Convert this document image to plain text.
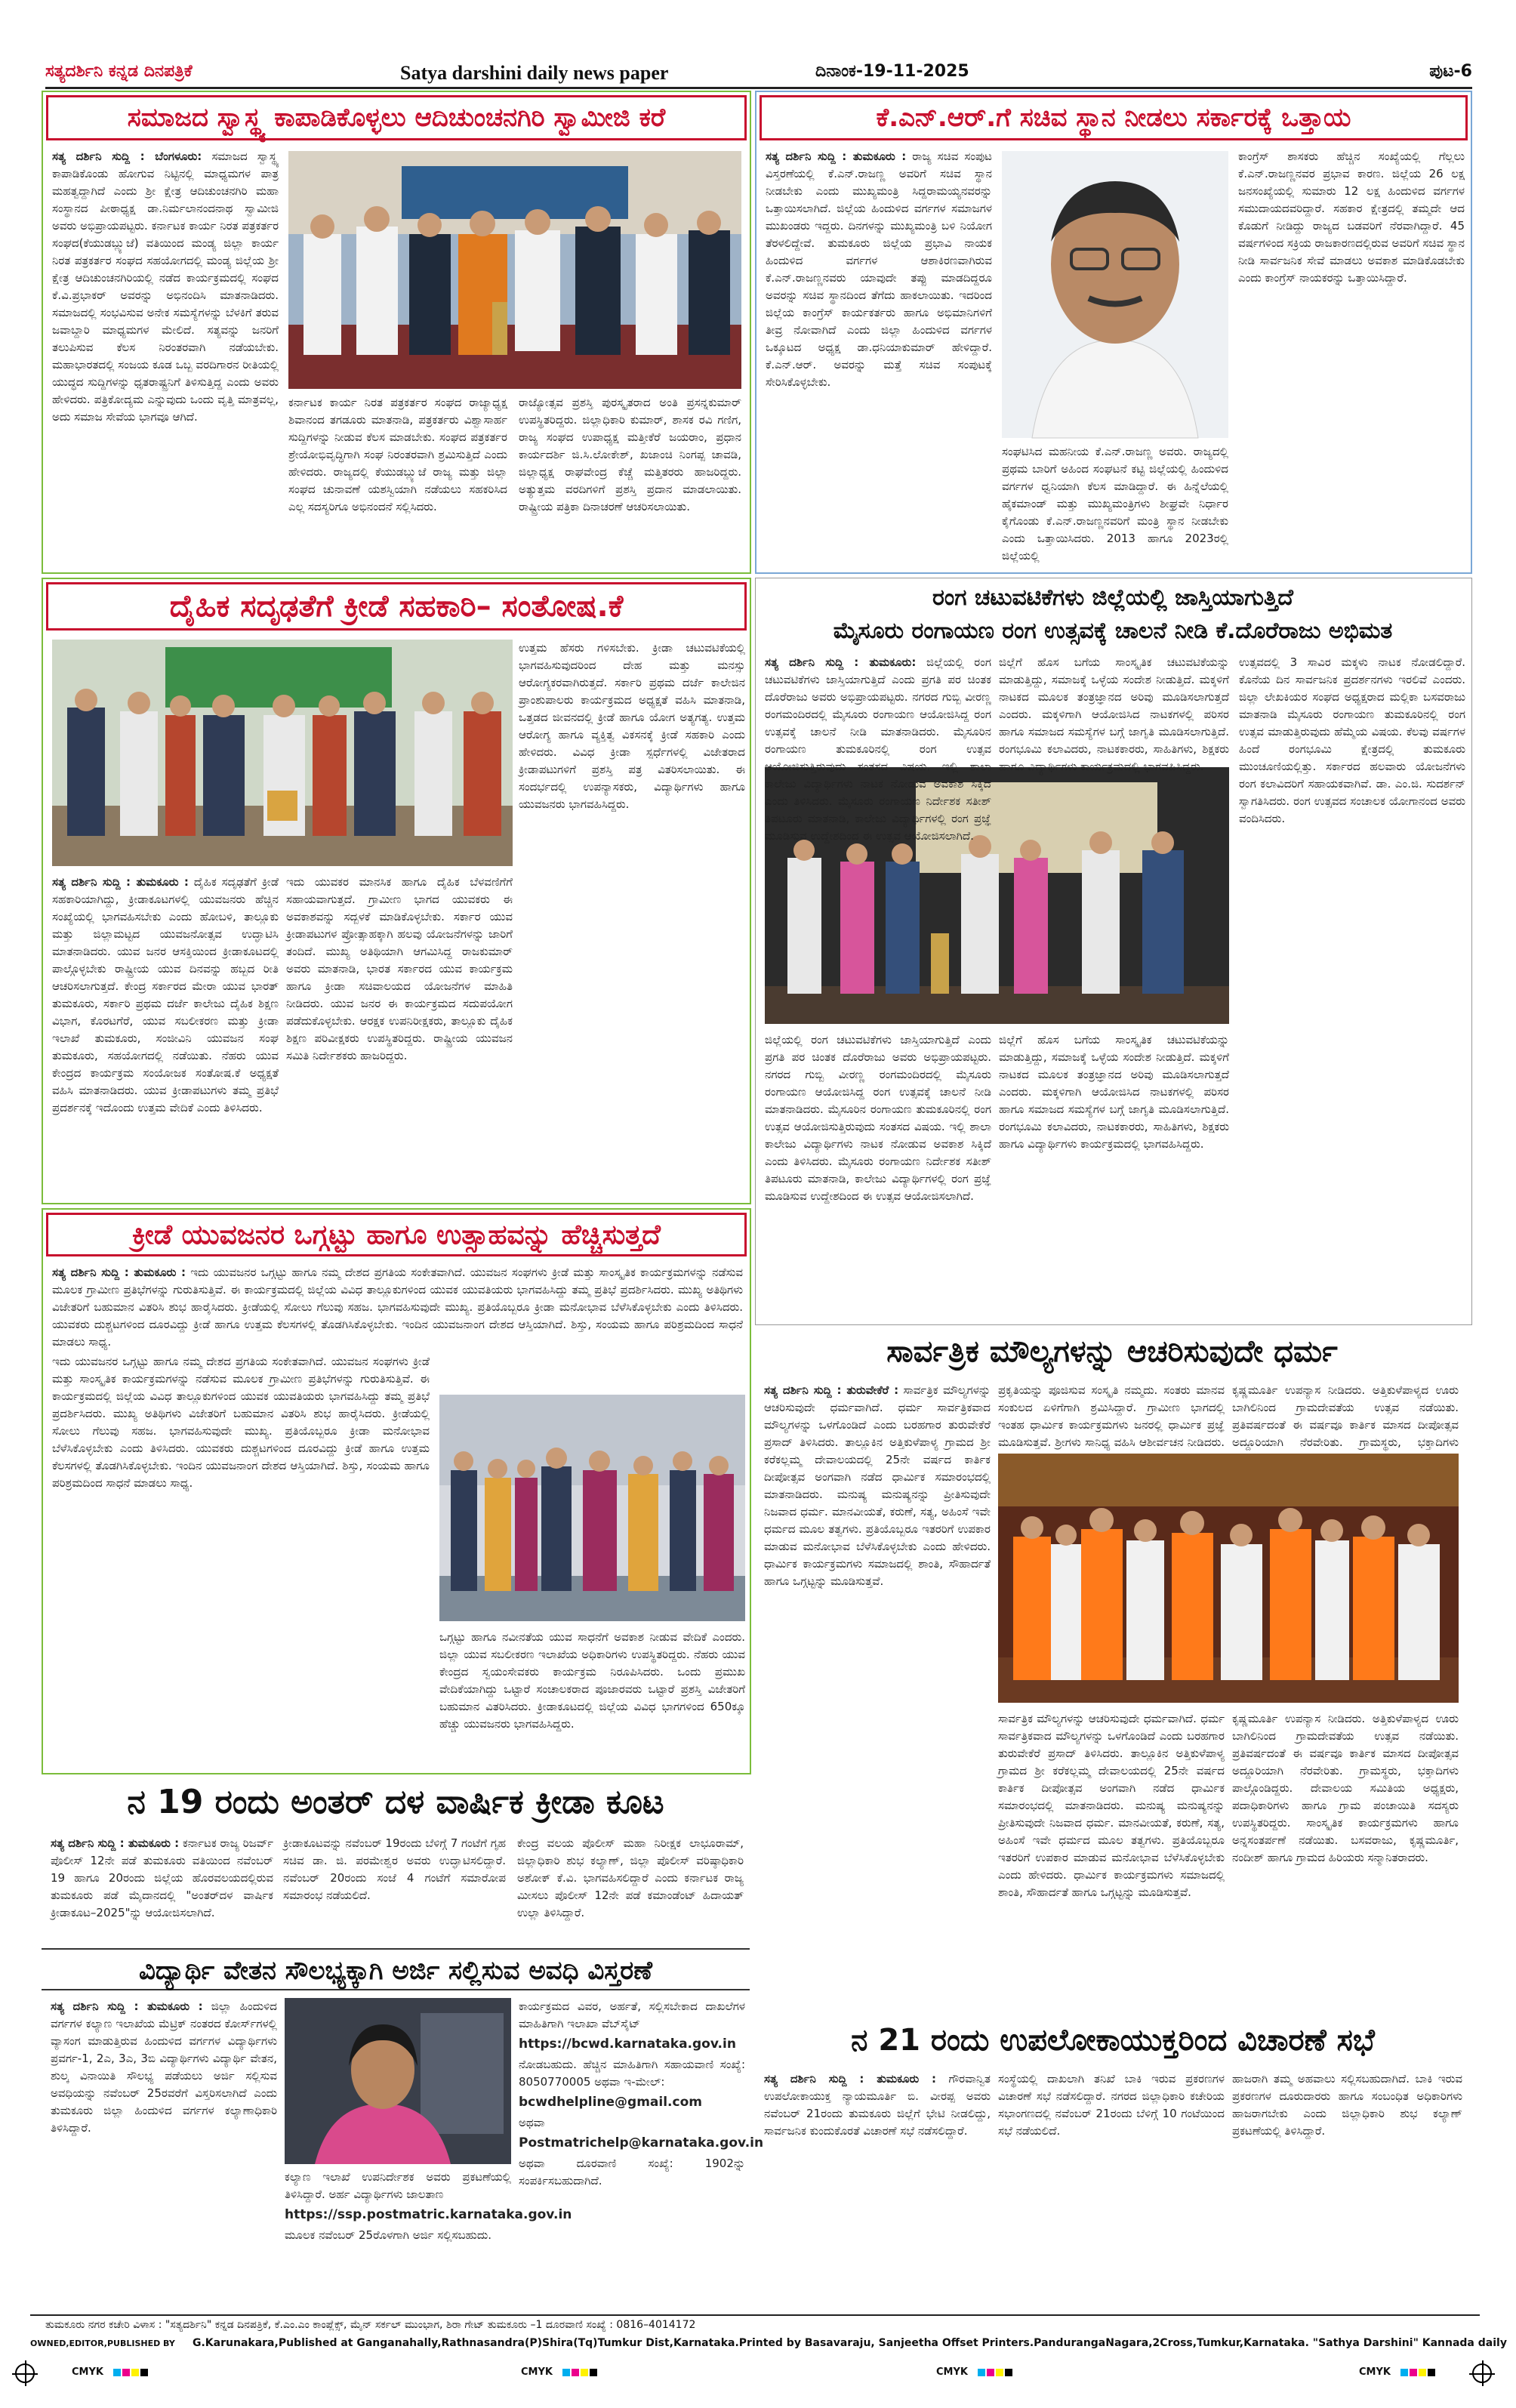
ಸತ್ಯದರ್ಶಿನಿ ಕನ್ನಡ ದಿನಪತ್ರಿಕೆ	Satya darshini daily news paper	ದಿನಾಂಕ-19-11-2025	ಪುಟ-6
ಸಮಾಜದ ಸ್ವಾಸ್ಥ್ಯ ಕಾಪಾಡಿಕೊಳ್ಳಲು ಆದಿಚುಂಚನಗಿರಿ ಸ್ವಾಮೀಜಿ ಕರೆ

ಸತ್ಯ ದರ್ಶಿನಿ ಸುದ್ದಿ : ಬೆಂಗಳೂರು: ಸಮಾಜದ ಸ್ವಾಸ್ಥ್ಯ ಕಾಪಾಡಿಕೊಂಡು ಹೋಗುವ ನಿಟ್ಟಿನಲ್ಲಿ ಮಾಧ್ಯಮಗಳ ಪಾತ್ರ ಮಹತ್ವದ್ದಾಗಿದೆ ಎಂದು ಶ್ರೀ ಕ್ಷೇತ್ರ ಆದಿಚುಂಚನಗಿರಿ ಮಹಾ ಸಂಸ್ಥಾನದ ಪೀಠಾಧ್ಯಕ್ಷ ಡಾ.ನಿರ್ಮಲಾನಂದನಾಥ ಸ್ವಾಮೀಜಿ ಅವರು ಅಭಿಪ್ರಾಯಪಟ್ಟರು. ಕರ್ನಾಟಕ ಕಾರ್ಯ ನಿರತ ಪತ್ರಕರ್ತರ ಸಂಘದ(ಕೆಯುಡಬ್ಲ್ಯುಜೆ) ವತಿಯಿಂದ ಮಂಡ್ಯ ಜಿಲ್ಲಾ ಕಾರ್ಯ ನಿರತ ಪತ್ರಕರ್ತರ ಸಂಘದ ಸಹಯೋಗದಲ್ಲಿ ಮಂಡ್ಯ ಜಿಲ್ಲೆಯ ಶ್ರೀ ಕ್ಷೇತ್ರ ಆದಿಚುಂಚನಗಿರಿಯಲ್ಲಿ ನಡೆದ ಕಾರ್ಯಕ್ರಮದಲ್ಲಿ ಸಂಘದ ಕೆ.ವಿ.ಪ್ರಭಾಕರ್ ಅವರನ್ನು ಅಭಿನಂದಿಸಿ ಮಾತನಾಡಿದರು. ಸಮಾಜದಲ್ಲಿ ಸಂಭವಿಸುವ ಅನೇಕ ಸಮಸ್ಯೆಗಳನ್ನು ಬೆಳಕಿಗೆ ತರುವ ಜವಾಬ್ದಾರಿ ಮಾಧ್ಯಮಗಳ ಮೇಲಿದೆ. ಸತ್ಯವನ್ನು ಜನರಿಗೆ ತಲುಪಿಸುವ ಕೆಲಸ ನಿರಂತರವಾಗಿ ನಡೆಯಬೇಕು. ಮಹಾಭಾರತದಲ್ಲಿ ಸಂಜಯ ಕೂಡ ಒಬ್ಬ ವರದಿಗಾರನ ರೀತಿಯಲ್ಲಿ ಯುದ್ಧದ ಸುದ್ದಿಗಳನ್ನು ಧೃತರಾಷ್ಟ್ರನಿಗೆ ತಿಳಿಸುತ್ತಿದ್ದ ಎಂದು ಅವರು ಹೇಳಿದರು. ಪತ್ರಿಕೋದ್ಯಮ ಎನ್ನುವುದು ಒಂದು ವೃತ್ತಿ ಮಾತ್ರವಲ್ಲ, ಅದು ಸಮಾಜ ಸೇವೆಯ ಭಾಗವೂ ಆಗಿದೆ.

ಕರ್ನಾಟಕ ಕಾರ್ಯ ನಿರತ ಪತ್ರಕರ್ತರ ಸಂಘದ ರಾಜ್ಯಾಧ್ಯಕ್ಷ ಶಿವಾನಂದ ತಗಡೂರು ಮಾತನಾಡಿ, ಪತ್ರಕರ್ತರು ವಿಶ್ವಾಸಾರ್ಹ ಸುದ್ದಿಗಳನ್ನು ನೀಡುವ ಕೆಲಸ ಮಾಡಬೇಕು. ಸಂಘದ ಪತ್ರಕರ್ತರ ಶ್ರೇಯೋಭಿವೃದ್ಧಿಗಾಗಿ ಸಂಘ ನಿರಂತರವಾಗಿ ಶ್ರಮಿಸುತ್ತಿದೆ ಎಂದು ಹೇಳಿದರು. ರಾಜ್ಯದಲ್ಲಿ ಕೆಯುಡಬ್ಲ್ಯುಜೆ ರಾಜ್ಯ ಮತ್ತು ಜಿಲ್ಲಾ ಸಂಘದ ಚುನಾವಣೆ ಯಶಸ್ವಿಯಾಗಿ ನಡೆಯಲು ಸಹಕರಿಸಿದ ಎಲ್ಲ ಸದಸ್ಯರಿಗೂ ಅಭಿನಂದನೆ ಸಲ್ಲಿಸಿದರು.

ರಾಜ್ಯೋತ್ಸವ ಪ್ರಶಸ್ತಿ ಪುರಸ್ಕೃತರಾದ ಅಂತಿ ಪ್ರಸನ್ನಕುಮಾರ್ ಉಪಸ್ಥಿತರಿದ್ದರು. ಜಿಲ್ಲಾಧಿಕಾರಿ ಕುಮಾರ್, ಶಾಸಕ ರವಿ ಗಣಿಗ, ರಾಜ್ಯ ಸಂಘದ ಉಪಾಧ್ಯಕ್ಷ ಮತ್ತೀಕೆರೆ ಜಯರಾಂ, ಪ್ರಧಾನ ಕಾರ್ಯದರ್ಶಿ ಜಿ.ಸಿ.ಲೋಕೇಶ್, ಖಜಾಂಚಿ ನಿಂಗಪ್ಪ ಚಾವಡಿ, ಜಿಲ್ಲಾಧ್ಯಕ್ಷ ರಾಘವೇಂದ್ರ ಕೆಚ್ಚೆ ಮತ್ತಿತರರು ಹಾಜರಿದ್ದರು. ಅತ್ಯುತ್ತಮ ವರದಿಗಳಿಗೆ ಪ್ರಶಸ್ತಿ ಪ್ರದಾನ ಮಾಡಲಾಯಿತು. ರಾಷ್ಟ್ರೀಯ ಪತ್ರಿಕಾ ದಿನಾಚರಣೆ ಆಚರಿಸಲಾಯಿತು.

ಕೆ.ಎನ್.ಆರ್.ಗೆ ಸಚಿವ ಸ್ಥಾನ ನೀಡಲು ಸರ್ಕಾರಕ್ಕೆ ಒತ್ತಾಯ

ಸತ್ಯ ದರ್ಶಿನಿ ಸುದ್ದಿ : ತುಮಕೂರು : ರಾಜ್ಯ ಸಚಿವ ಸಂಪುಟ ವಿಸ್ತರಣೆಯಲ್ಲಿ ಕೆ.ಎನ್.ರಾಜಣ್ಣ ಅವರಿಗೆ ಸಚಿವ ಸ್ಥಾನ ನೀಡಬೇಕು ಎಂದು ಮುಖ್ಯಮಂತ್ರಿ ಸಿದ್ದರಾಮಯ್ಯನವರನ್ನು ಒತ್ತಾಯಿಸಲಾಗಿದೆ. ಜಿಲ್ಲೆಯ ಹಿಂದುಳಿದ ವರ್ಗಗಳ ಸಮಾಜಗಳ ಮುಖಂಡರು ಇದ್ದರು. ದಿನಗಳನ್ನು ಮುಖ್ಯಮಂತ್ರಿ ಬಳಿ ನಿಯೋಗ ತೆರಳಲಿದ್ದೇವೆ. ತುಮಕೂರು ಜಿಲ್ಲೆಯ ಪ್ರಭಾವಿ ನಾಯಕ ಹಿಂದುಳಿದ ವರ್ಗಗಳ ಆಶಾಕಿರಣವಾಗಿರುವ ಕೆ.ಎನ್.ರಾಜಣ್ಣನವರು ಯಾವುದೇ ತಪ್ಪು ಮಾಡದಿದ್ದರೂ ಅವರನ್ನು ಸಚಿವ ಸ್ಥಾನದಿಂದ ತೆಗೆದು ಹಾಕಲಾಯಿತು. ಇದರಿಂದ ಜಿಲ್ಲೆಯ ಕಾಂಗ್ರೆಸ್ ಕಾರ್ಯಕರ್ತರು ಹಾಗೂ ಅಭಿಮಾನಿಗಳಿಗೆ ತೀವ್ರ ನೋವಾಗಿದೆ ಎಂದು ಜಿಲ್ಲಾ ಹಿಂದುಳಿದ ವರ್ಗಗಳ ಒಕ್ಕೂಟದ ಅಧ್ಯಕ್ಷ ಡಾ.ಧನಿಯಾಕುಮಾರ್ ಹೇಳಿದ್ದಾರೆ. ಕೆ.ಎನ್.ಆರ್. ಅವರನ್ನು ಮತ್ತೆ ಸಚಿವ ಸಂಪುಟಕ್ಕೆ ಸೇರಿಸಿಕೊಳ್ಳಬೇಕು.

ಸಂಘಟಿಸಿದ ಮಹನೀಯ ಕೆ.ಎನ್.ರಾಜಣ್ಣ ಅವರು. ರಾಜ್ಯದಲ್ಲಿ ಪ್ರಥಮ ಬಾರಿಗೆ ಅಹಿಂದ ಸಂಘಟನೆ ಕಟ್ಟಿ ಜಿಲ್ಲೆಯಲ್ಲಿ ಹಿಂದುಳಿದ ವರ್ಗಗಳ ಧ್ವನಿಯಾಗಿ ಕೆಲಸ ಮಾಡಿದ್ದಾರೆ. ಈ ಹಿನ್ನೆಲೆಯಲ್ಲಿ ಹೈಕಮಾಂಡ್ ಮತ್ತು ಮುಖ್ಯಮಂತ್ರಿಗಳು ಶೀಘ್ರವೇ ನಿರ್ಧಾರ ಕೈಗೊಂಡು ಕೆ.ಎನ್.ರಾಜಣ್ಣನವರಿಗೆ ಮಂತ್ರಿ ಸ್ಥಾನ ನೀಡಬೇಕು ಎಂದು ಒತ್ತಾಯಿಸಿದರು. 2013 ಹಾಗೂ 2023ರಲ್ಲಿ ಜಿಲ್ಲೆಯಲ್ಲಿ

ಕಾಂಗ್ರೆಸ್ ಶಾಸಕರು ಹೆಚ್ಚಿನ ಸಂಖ್ಯೆಯಲ್ಲಿ ಗೆಲ್ಲಲು ಕೆ.ಎನ್.ರಾಜಣ್ಣನವರ ಪ್ರಭಾವ ಕಾರಣ. ಜಿಲ್ಲೆಯ 26 ಲಕ್ಷ ಜನಸಂಖ್ಯೆಯಲ್ಲಿ ಸುಮಾರು 12 ಲಕ್ಷ ಹಿಂದುಳಿದ ವರ್ಗಗಳ ಸಮುದಾಯದವರಿದ್ದಾರೆ. ಸಹಕಾರ ಕ್ಷೇತ್ರದಲ್ಲಿ ತಮ್ಮದೇ ಆದ ಕೊಡುಗೆ ನೀಡಿದ್ದು ರಾಜ್ಯದ ಬಡವರಿಗೆ ನೆರವಾಗಿದ್ದಾರೆ. 45 ವರ್ಷಗಳಿಂದ ಸಕ್ರಿಯ ರಾಜಕಾರಣದಲ್ಲಿರುವ ಅವರಿಗೆ ಸಚಿವ ಸ್ಥಾನ ನೀಡಿ ಸಾರ್ವಜನಿಕ ಸೇವೆ ಮಾಡಲು ಅವಕಾಶ ಮಾಡಿಕೊಡಬೇಕು ಎಂದು ಕಾಂಗ್ರೆಸ್ ನಾಯಕರನ್ನು ಒತ್ತಾಯಿಸಿದ್ದಾರೆ.

ದೈಹಿಕ ಸದೃಢತೆಗೆ ಕ್ರೀಡೆ ಸಹಕಾರಿ– ಸಂತೋಷ.ಕೆ

ಉತ್ತಮ ಹೆಸರು ಗಳಿಸಬೇಕು. ಕ್ರೀಡಾ ಚಟುವಟಿಕೆಯಲ್ಲಿ ಭಾಗವಹಿಸುವುದರಿಂದ ದೇಹ ಮತ್ತು ಮನಸ್ಸು ಆರೋಗ್ಯಕರವಾಗಿರುತ್ತದೆ. ಸರ್ಕಾರಿ ಪ್ರಥಮ ದರ್ಜೆ ಕಾಲೇಜಿನ ಪ್ರಾಂಶುಪಾಲರು ಕಾರ್ಯಕ್ರಮದ ಅಧ್ಯಕ್ಷತೆ ವಹಿಸಿ ಮಾತನಾಡಿ, ಒತ್ತಡದ ಜೀವನದಲ್ಲಿ ಕ್ರೀಡೆ ಹಾಗೂ ಯೋಗ ಅತ್ಯಗತ್ಯ. ಉತ್ತಮ ಆರೋಗ್ಯ ಹಾಗೂ ವ್ಯಕ್ತಿತ್ವ ವಿಕಸನಕ್ಕೆ ಕ್ರೀಡೆ ಸಹಕಾರಿ ಎಂದು ಹೇಳಿದರು. ವಿವಿಧ ಕ್ರೀಡಾ ಸ್ಪರ್ಧೆಗಳಲ್ಲಿ ವಿಜೇತರಾದ ಕ್ರೀಡಾಪಟುಗಳಿಗೆ ಪ್ರಶಸ್ತಿ ಪತ್ರ ವಿತರಿಸಲಾಯಿತು. ಈ ಸಂದರ್ಭದಲ್ಲಿ ಉಪನ್ಯಾಸಕರು, ವಿದ್ಯಾರ್ಥಿಗಳು ಹಾಗೂ ಯುವಜನರು ಭಾಗವಹಿಸಿದ್ದರು.

ಸತ್ಯ ದರ್ಶಿನಿ ಸುದ್ದಿ : ತುಮಕೂರು : ದೈಹಿಕ ಸದೃಢತೆಗೆ ಕ್ರೀಡೆ ಸಹಕಾರಿಯಾಗಿದ್ದು, ಕ್ರೀಡಾಕೂಟಗಳಲ್ಲಿ ಯುವಜನರು ಹೆಚ್ಚಿನ ಸಂಖ್ಯೆಯಲ್ಲಿ ಭಾಗವಹಿಸಬೇಕು ಎಂದು ಹೋಬಳಿ, ತಾಲ್ಲೂಕು ಮತ್ತು ಜಿಲ್ಲಾಮಟ್ಟದ ಯುವಜನೋತ್ಸವ ಉದ್ಘಾಟಿಸಿ ಮಾತನಾಡಿದರು. ಯುವ ಜನರ ಆಸಕ್ತಿಯಿಂದ ಕ್ರೀಡಾಕೂಟದಲ್ಲಿ ಪಾಲ್ಗೊಳ್ಳಬೇಕು ರಾಷ್ಟ್ರೀಯ ಯುವ ದಿನವನ್ನು ಹಬ್ಬದ ರೀತಿ ಆಚರಿಸಲಾಗುತ್ತದೆ. ಕೇಂದ್ರ ಸರ್ಕಾರದ ಮೇರಾ ಯುವ ಭಾರತ್ ತುಮಕೂರು, ಸರ್ಕಾರಿ ಪ್ರಥಮ ದರ್ಜೆ ಕಾಲೇಜು ದೈಹಿಕ ಶಿಕ್ಷಣ ವಿಭಾಗ, ಕೊರಟಗೆರೆ, ಯುವ ಸಬಲೀಕರಣ ಮತ್ತು ಕ್ರೀಡಾ ಇಲಾಖೆ ತುಮಕೂರು, ಸಂಜೀವಿನಿ ಯುವಜನ ಸಂಘ ತುಮಕೂರು, ಸಹಯೋಗದಲ್ಲಿ ನಡೆಯಿತು. ನೆಹರು ಯುವ ಕೇಂದ್ರದ ಕಾರ್ಯಕ್ರಮ ಸಂಯೋಜಕ ಸಂತೋಷ.ಕೆ ಅಧ್ಯಕ್ಷತೆ ವಹಿಸಿ ಮಾತನಾಡಿದರು. ಯುವ ಕ್ರೀಡಾಪಟುಗಳು ತಮ್ಮ ಪ್ರತಿಭೆ ಪ್ರದರ್ಶನಕ್ಕೆ ಇದೊಂದು ಉತ್ತಮ ವೇದಿಕೆ ಎಂದು ತಿಳಿಸಿದರು.

ಇದು ಯುವಕರ ಮಾನಸಿಕ ಹಾಗೂ ದೈಹಿಕ ಬೆಳವಣಿಗೆಗೆ ಸಹಾಯವಾಗುತ್ತದೆ. ಗ್ರಾಮೀಣ ಭಾಗದ ಯುವಕರು ಈ ಅವಕಾಶವನ್ನು ಸದ್ಬಳಕೆ ಮಾಡಿಕೊಳ್ಳಬೇಕು. ಸರ್ಕಾರ ಯುವ ಕ್ರೀಡಾಪಟುಗಳ ಪ್ರೋತ್ಸಾಹಕ್ಕಾಗಿ ಹಲವು ಯೋಜನೆಗಳನ್ನು ಜಾರಿಗೆ ತಂದಿದೆ. ಮುಖ್ಯ ಅತಿಥಿಯಾಗಿ ಆಗಮಿಸಿದ್ದ ರಾಜಕುಮಾರ್ ಅವರು ಮಾತನಾಡಿ, ಭಾರತ ಸರ್ಕಾರದ ಯುವ ಕಾರ್ಯಕ್ರಮ ಹಾಗೂ ಕ್ರೀಡಾ ಸಚಿವಾಲಯದ ಯೋಜನೆಗಳ ಮಾಹಿತಿ ನೀಡಿದರು. ಯುವ ಜನರ ಈ ಕಾರ್ಯಕ್ರಮದ ಸದುಪಯೋಗ ಪಡೆದುಕೊಳ್ಳಬೇಕು. ಆರಕ್ಷಕ ಉಪನಿರೀಕ್ಷಕರು, ತಾಲ್ಲೂಕು ದೈಹಿಕ ಶಿಕ್ಷಣ ಪರಿವೀಕ್ಷಕರು ಉಪಸ್ಥಿತರಿದ್ದರು. ರಾಷ್ಟ್ರೀಯ ಯುವಜನ ಸಮಿತಿ ನಿರ್ದೇಶಕರು ಹಾಜರಿದ್ದರು.

ರಂಗ ಚಟುವಟಿಕೆಗಳು ಜಿಲ್ಲೆಯಲ್ಲಿ ಜಾಸ್ತಿಯಾಗುತ್ತಿದೆ
ಮೈಸೂರು ರಂಗಾಯಣ ರಂಗ ಉತ್ಸವಕ್ಕೆ ಚಾಲನೆ ನೀಡಿ ಕೆ.ದೊರೆರಾಜು ಅಭಿಮತ

ಸತ್ಯ ದರ್ಶಿನಿ ಸುದ್ದಿ : ತುಮಕೂರು: ಜಿಲ್ಲೆಯಲ್ಲಿ ರಂಗ ಚಟುವಟಿಕೆಗಳು ಜಾಸ್ತಿಯಾಗುತ್ತಿದೆ ಎಂದು ಪ್ರಗತಿ ಪರ ಚಿಂತಕ ದೊರೆರಾಜು ಅವರು ಅಭಿಪ್ರಾಯಪಟ್ಟರು. ನಗರದ ಗುಬ್ಬಿ ವೀರಣ್ಣ ರಂಗಮಂದಿರದಲ್ಲಿ ಮೈಸೂರು ರಂಗಾಯಣ ಆಯೋಜಿಸಿದ್ದ ರಂಗ ಉತ್ಸವಕ್ಕೆ ಚಾಲನೆ ನೀಡಿ ಮಾತನಾಡಿದರು. ಮೈಸೂರಿನ ರಂಗಾಯಣ ತುಮಕೂರಿನಲ್ಲಿ ರಂಗ ಉತ್ಸವ ಆಯೋಜಿಸುತ್ತಿರುವುದು ಸಂತಸದ ವಿಷಯ. ಇಲ್ಲಿ ಶಾಲಾ ಕಾಲೇಜು ವಿದ್ಯಾರ್ಥಿಗಳು ನಾಟಕ ನೋಡುವ ಅವಕಾಶ ಸಿಕ್ಕಿದೆ ಎಂದು ತಿಳಿಸಿದರು. ಮೈಸೂರು ರಂಗಾಯಣ ನಿರ್ದೇಶಕ ಸತೀಶ್ ತಿಪಟೂರು ಮಾತನಾಡಿ, ಕಾಲೇಜು ವಿದ್ಯಾರ್ಥಿಗಳಲ್ಲಿ ರಂಗ ಪ್ರಜ್ಞೆ ಮೂಡಿಸುವ ಉದ್ದೇಶದಿಂದ ಈ ಉತ್ಸವ ಆಯೋಜಿಸಲಾಗಿದೆ.

ಜಿಲ್ಲೆಗೆ ಹೊಸ ಬಗೆಯ ಸಾಂಸ್ಕೃತಿಕ ಚಟುವಟಿಕೆಯನ್ನು ಮಾಡುತ್ತಿದ್ದು, ಸಮಾಜಕ್ಕೆ ಒಳ್ಳೆಯ ಸಂದೇಶ ನೀಡುತ್ತಿದೆ. ಮಕ್ಕಳಿಗೆ ನಾಟಕದ ಮೂಲಕ ತಂತ್ರಜ್ಞಾನದ ಅರಿವು ಮೂಡಿಸಲಾಗುತ್ತದೆ ಎಂದರು. ಮಕ್ಕಳಿಗಾಗಿ ಆಯೋಜಿಸಿದ ನಾಟಕಗಳಲ್ಲಿ ಪರಿಸರ ಹಾಗೂ ಸಮಾಜದ ಸಮಸ್ಯೆಗಳ ಬಗ್ಗೆ ಜಾಗೃತಿ ಮೂಡಿಸಲಾಗುತ್ತಿದೆ. ರಂಗಭೂಮಿ ಕಲಾವಿದರು, ನಾಟಕಕಾರರು, ಸಾಹಿತಿಗಳು, ಶಿಕ್ಷಕರು ಹಾಗೂ ವಿದ್ಯಾರ್ಥಿಗಳು ಕಾರ್ಯಕ್ರಮದಲ್ಲಿ ಭಾಗವಹಿಸಿದ್ದರು.

ಜಿಲ್ಲೆಯಲ್ಲಿ ರಂಗ ಚಟುವಟಿಕೆಗಳು ಜಾಸ್ತಿಯಾಗುತ್ತಿದೆ ಎಂದು ಪ್ರಗತಿ ಪರ ಚಿಂತಕ ದೊರೆರಾಜು ಅವರು ಅಭಿಪ್ರಾಯಪಟ್ಟರು. ನಗರದ ಗುಬ್ಬಿ ವೀರಣ್ಣ ರಂಗಮಂದಿರದಲ್ಲಿ ಮೈಸೂರು ರಂಗಾಯಣ ಆಯೋಜಿಸಿದ್ದ ರಂಗ ಉತ್ಸವಕ್ಕೆ ಚಾಲನೆ ನೀಡಿ ಮಾತನಾಡಿದರು. ಮೈಸೂರಿನ ರಂಗಾಯಣ ತುಮಕೂರಿನಲ್ಲಿ ರಂಗ ಉತ್ಸವ ಆಯೋಜಿಸುತ್ತಿರುವುದು ಸಂತಸದ ವಿಷಯ. ಇಲ್ಲಿ ಶಾಲಾ ಕಾಲೇಜು ವಿದ್ಯಾರ್ಥಿಗಳು ನಾಟಕ ನೋಡುವ ಅವಕಾಶ ಸಿಕ್ಕಿದೆ ಎಂದು ತಿಳಿಸಿದರು. ಮೈಸೂರು ರಂಗಾಯಣ ನಿರ್ದೇಶಕ ಸತೀಶ್ ತಿಪಟೂರು ಮಾತನಾಡಿ, ಕಾಲೇಜು ವಿದ್ಯಾರ್ಥಿಗಳಲ್ಲಿ ರಂಗ ಪ್ರಜ್ಞೆ ಮೂಡಿಸುವ ಉದ್ದೇಶದಿಂದ ಈ ಉತ್ಸವ ಆಯೋಜಿಸಲಾಗಿದೆ.

ಜಿಲ್ಲೆಗೆ ಹೊಸ ಬಗೆಯ ಸಾಂಸ್ಕೃತಿಕ ಚಟುವಟಿಕೆಯನ್ನು ಮಾಡುತ್ತಿದ್ದು, ಸಮಾಜಕ್ಕೆ ಒಳ್ಳೆಯ ಸಂದೇಶ ನೀಡುತ್ತಿದೆ. ಮಕ್ಕಳಿಗೆ ನಾಟಕದ ಮೂಲಕ ತಂತ್ರಜ್ಞಾನದ ಅರಿವು ಮೂಡಿಸಲಾಗುತ್ತದೆ ಎಂದರು. ಮಕ್ಕಳಿಗಾಗಿ ಆಯೋಜಿಸಿದ ನಾಟಕಗಳಲ್ಲಿ ಪರಿಸರ ಹಾಗೂ ಸಮಾಜದ ಸಮಸ್ಯೆಗಳ ಬಗ್ಗೆ ಜಾಗೃತಿ ಮೂಡಿಸಲಾಗುತ್ತಿದೆ. ರಂಗಭೂಮಿ ಕಲಾವಿದರು, ನಾಟಕಕಾರರು, ಸಾಹಿತಿಗಳು, ಶಿಕ್ಷಕರು ಹಾಗೂ ವಿದ್ಯಾರ್ಥಿಗಳು ಕಾರ್ಯಕ್ರಮದಲ್ಲಿ ಭಾಗವಹಿಸಿದ್ದರು.

ಉತ್ಸವದಲ್ಲಿ 3 ಸಾವಿರ ಮಕ್ಕಳು ನಾಟಕ ನೋಡಲಿದ್ದಾರೆ. ಕೊನೆಯ ದಿನ ಸಾರ್ವಜನಿಕ ಪ್ರದರ್ಶನಗಳು ಇರಲಿವೆ ಎಂದರು. ಜಿಲ್ಲಾ ಲೇಖಕಿಯರ ಸಂಘದ ಅಧ್ಯಕ್ಷರಾದ ಮಲ್ಲಿಕಾ ಬಸವರಾಜು ಮಾತನಾಡಿ ಮೈಸೂರು ರಂಗಾಯಣ ತುಮಕೂರಿನಲ್ಲಿ ರಂಗ ಉತ್ಸವ ಮಾಡುತ್ತಿರುವುದು ಹೆಮ್ಮೆಯ ವಿಷಯ. ಕೆಲವು ವರ್ಷಗಳ ಹಿಂದೆ ರಂಗಭೂಮಿ ಕ್ಷೇತ್ರದಲ್ಲಿ ತುಮಕೂರು ಮುಂಚೂಣಿಯಲ್ಲಿತ್ತು. ಸರ್ಕಾರದ ಹಲವಾರು ಯೋಜನೆಗಳು ರಂಗ ಕಲಾವಿದರಿಗೆ ಸಹಾಯಕವಾಗಿವೆ. ಡಾ. ಎಂ.ಜಿ. ಸುದರ್ಶನ್ ಸ್ವಾಗತಿಸಿದರು. ರಂಗ ಉತ್ಸವದ ಸಂಚಾಲಕ ಯೋಗಾನಂದ ಅವರು ವಂದಿಸಿದರು.

ಕ್ರೀಡೆ ಯುವಜನರ ಒಗ್ಗಟ್ಟು ಹಾಗೂ ಉತ್ಸಾಹವನ್ನು ಹೆಚ್ಚಿಸುತ್ತದೆ

ಸತ್ಯ ದರ್ಶಿನಿ ಸುದ್ದಿ : ತುಮಕೂರು : ಇದು ಯುವಜನರ ಒಗ್ಗಟ್ಟು ಹಾಗೂ ನಮ್ಮ ದೇಶದ ಪ್ರಗತಿಯ ಸಂಕೇತವಾಗಿದೆ. ಯುವಜನ ಸಂಘಗಳು ಕ್ರೀಡೆ ಮತ್ತು ಸಾಂಸ್ಕೃತಿಕ ಕಾರ್ಯಕ್ರಮಗಳನ್ನು ನಡೆಸುವ ಮೂಲಕ ಗ್ರಾಮೀಣ ಪ್ರತಿಭೆಗಳನ್ನು ಗುರುತಿಸುತ್ತಿವೆ. ಈ ಕಾರ್ಯಕ್ರಮದಲ್ಲಿ ಜಿಲ್ಲೆಯ ವಿವಿಧ ತಾಲ್ಲೂಕುಗಳಿಂದ ಯುವಕ ಯುವತಿಯರು ಭಾಗವಹಿಸಿದ್ದು ತಮ್ಮ ಪ್ರತಿಭೆ ಪ್ರದರ್ಶಿಸಿದರು. ಮುಖ್ಯ ಅತಿಥಿಗಳು ವಿಜೇತರಿಗೆ ಬಹುಮಾನ ವಿತರಿಸಿ ಶುಭ ಹಾರೈಸಿದರು. ಕ್ರೀಡೆಯಲ್ಲಿ ಸೋಲು ಗೆಲುವು ಸಹಜ. ಭಾಗವಹಿಸುವುದೇ ಮುಖ್ಯ. ಪ್ರತಿಯೊಬ್ಬರೂ ಕ್ರೀಡಾ ಮನೋಭಾವ ಬೆಳೆಸಿಕೊಳ್ಳಬೇಕು ಎಂದು ತಿಳಿಸಿದರು. ಯುವಕರು ದುಶ್ಚಟಗಳಿಂದ ದೂರವಿದ್ದು ಕ್ರೀಡೆ ಹಾಗೂ ಉತ್ತಮ ಕೆಲಸಗಳಲ್ಲಿ ತೊಡಗಿಸಿಕೊಳ್ಳಬೇಕು. ಇಂದಿನ ಯುವಜನಾಂಗ ದೇಶದ ಆಸ್ತಿಯಾಗಿದೆ. ಶಿಸ್ತು, ಸಂಯಮ ಹಾಗೂ ಪರಿಶ್ರಮದಿಂದ ಸಾಧನೆ ಮಾಡಲು ಸಾಧ್ಯ.

ಇದು ಯುವಜನರ ಒಗ್ಗಟ್ಟು ಹಾಗೂ ನಮ್ಮ ದೇಶದ ಪ್ರಗತಿಯ ಸಂಕೇತವಾಗಿದೆ. ಯುವಜನ ಸಂಘಗಳು ಕ್ರೀಡೆ ಮತ್ತು ಸಾಂಸ್ಕೃತಿಕ ಕಾರ್ಯಕ್ರಮಗಳನ್ನು ನಡೆಸುವ ಮೂಲಕ ಗ್ರಾಮೀಣ ಪ್ರತಿಭೆಗಳನ್ನು ಗುರುತಿಸುತ್ತಿವೆ. ಈ ಕಾರ್ಯಕ್ರಮದಲ್ಲಿ ಜಿಲ್ಲೆಯ ವಿವಿಧ ತಾಲ್ಲೂಕುಗಳಿಂದ ಯುವಕ ಯುವತಿಯರು ಭಾಗವಹಿಸಿದ್ದು ತಮ್ಮ ಪ್ರತಿಭೆ ಪ್ರದರ್ಶಿಸಿದರು. ಮುಖ್ಯ ಅತಿಥಿಗಳು ವಿಜೇತರಿಗೆ ಬಹುಮಾನ ವಿತರಿಸಿ ಶುಭ ಹಾರೈಸಿದರು. ಕ್ರೀಡೆಯಲ್ಲಿ ಸೋಲು ಗೆಲುವು ಸಹಜ. ಭಾಗವಹಿಸುವುದೇ ಮುಖ್ಯ. ಪ್ರತಿಯೊಬ್ಬರೂ ಕ್ರೀಡಾ ಮನೋಭಾವ ಬೆಳೆಸಿಕೊಳ್ಳಬೇಕು ಎಂದು ತಿಳಿಸಿದರು. ಯುವಕರು ದುಶ್ಚಟಗಳಿಂದ ದೂರವಿದ್ದು ಕ್ರೀಡೆ ಹಾಗೂ ಉತ್ತಮ ಕೆಲಸಗಳಲ್ಲಿ ತೊಡಗಿಸಿಕೊಳ್ಳಬೇಕು. ಇಂದಿನ ಯುವಜನಾಂಗ ದೇಶದ ಆಸ್ತಿಯಾಗಿದೆ. ಶಿಸ್ತು, ಸಂಯಮ ಹಾಗೂ ಪರಿಶ್ರಮದಿಂದ ಸಾಧನೆ ಮಾಡಲು ಸಾಧ್ಯ.

ಒಗ್ಗಟ್ಟು ಹಾಗೂ ನವೀನತೆಯ ಯುವ ಸಾಧನೆಗೆ ಅವಕಾಶ ನೀಡುವ ವೇದಿಕೆ ಎಂದರು. ಜಿಲ್ಲಾ ಯುವ ಸಬಲೀಕರಣ ಇಲಾಖೆಯ ಅಧಿಕಾರಿಗಳು ಉಪಸ್ಥಿತರಿದ್ದರು. ನೆಹರು ಯುವ ಕೇಂದ್ರದ ಸ್ವಯಂಸೇವಕರು ಕಾರ್ಯಕ್ರಮ ನಿರೂಪಿಸಿದರು. ಒಂದು ಪ್ರಮುಖ ವೇದಿಕೆಯಾಗಿದ್ದು ಒಟ್ಟಾರೆ ಸಂಚಾಲಕರಾದ ಪೂಜಾರವರು ಒಟ್ಟಾರೆ ಪ್ರಶಸ್ತಿ ವಿಜೇತರಿಗೆ ಬಹುಮಾನ ವಿತರಿಸಿದರು. ಕ್ರೀಡಾಕೂಟದಲ್ಲಿ ಜಿಲ್ಲೆಯ ವಿವಿಧ ಭಾಗಗಳಿಂದ 650ಕ್ಕೂ ಹೆಚ್ಚು ಯುವಜನರು ಭಾಗವಹಿಸಿದ್ದರು.

ಸಾರ್ವತ್ರಿಕ ಮೌಲ್ಯಗಳನ್ನು ಆಚರಿಸುವುದೇ ಧರ್ಮ

ಸತ್ಯ ದರ್ಶಿನಿ ಸುದ್ದಿ : ತುರುವೇಕೆರೆ : ಸಾರ್ವತ್ರಿಕ ಮೌಲ್ಯಗಳನ್ನು ಆಚರಿಸುವುದೇ ಧರ್ಮವಾಗಿದೆ. ಧರ್ಮ ಸಾರ್ವತ್ರಿಕವಾದ ಮೌಲ್ಯಗಳನ್ನು ಒಳಗೊಂಡಿದೆ ಎಂದು ಬರಹಗಾರ ತುರುವೇಕೆರೆ ಪ್ರಸಾದ್ ತಿಳಿಸಿದರು. ತಾಲ್ಲೂಕಿನ ಅತ್ತಿಕುಳೆಪಾಳ್ಯ ಗ್ರಾಮದ ಶ್ರೀ ಕರೆಕಲ್ಲಮ್ಮ ದೇವಾಲಯದಲ್ಲಿ 25ನೇ ವರ್ಷದ ಕಾರ್ತಿಕ ದೀಪೋತ್ಸವ ಅಂಗವಾಗಿ ನಡೆದ ಧಾರ್ಮಿಕ ಸಮಾರಂಭದಲ್ಲಿ ಮಾತನಾಡಿದರು. ಮನುಷ್ಯ ಮನುಷ್ಯನನ್ನು ಪ್ರೀತಿಸುವುದೇ ನಿಜವಾದ ಧರ್ಮ. ಮಾನವೀಯತೆ, ಕರುಣೆ, ಸತ್ಯ, ಅಹಿಂಸೆ ಇವೇ ಧರ್ಮದ ಮೂಲ ತತ್ವಗಳು. ಪ್ರತಿಯೊಬ್ಬರೂ ಇತರರಿಗೆ ಉಪಕಾರ ಮಾಡುವ ಮನೋಭಾವ ಬೆಳೆಸಿಕೊಳ್ಳಬೇಕು ಎಂದು ಹೇಳಿದರು. ಧಾರ್ಮಿಕ ಕಾರ್ಯಕ್ರಮಗಳು ಸಮಾಜದಲ್ಲಿ ಶಾಂತಿ, ಸೌಹಾರ್ದತೆ ಹಾಗೂ ಒಗ್ಗಟ್ಟನ್ನು ಮೂಡಿಸುತ್ತವೆ.

ಪ್ರಕೃತಿಯನ್ನು ಪೂಜಿಸುವ ಸಂಸ್ಕೃತಿ ನಮ್ಮದು. ಸಂತರು ಮಾನವ ಸಂಕುಲದ ಏಳಿಗೆಗಾಗಿ ಶ್ರಮಿಸಿದ್ದಾರೆ. ಗ್ರಾಮೀಣ ಭಾಗದಲ್ಲಿ ಇಂತಹ ಧಾರ್ಮಿಕ ಕಾರ್ಯಕ್ರಮಗಳು ಜನರಲ್ಲಿ ಧಾರ್ಮಿಕ ಪ್ರಜ್ಞೆ ಮೂಡಿಸುತ್ತವೆ. ಶ್ರೀಗಳು ಸಾನಿಧ್ಯ ವಹಿಸಿ ಆಶೀರ್ವಚನ ನೀಡಿದರು.

ಕೃಷ್ಣಮೂರ್ತಿ ಉಪನ್ಯಾಸ ನೀಡಿದರು. ಅತ್ತಿಕುಳೆಪಾಳ್ಯದ ಊರು ಬಾಗಿಲಿನಿಂದ ಗ್ರಾಮದೇವತೆಯ ಉತ್ಸವ ನಡೆಯಿತು. ಪ್ರತಿವರ್ಷದಂತೆ ಈ ವರ್ಷವೂ ಕಾರ್ತಿಕ ಮಾಸದ ದೀಪೋತ್ಸವ ಅದ್ದೂರಿಯಾಗಿ ನೆರವೇರಿತು. ಗ್ರಾಮಸ್ಥರು, ಭಕ್ತಾದಿಗಳು

ಸಾರ್ವತ್ರಿಕ ಮೌಲ್ಯಗಳನ್ನು ಆಚರಿಸುವುದೇ ಧರ್ಮವಾಗಿದೆ. ಧರ್ಮ ಸಾರ್ವತ್ರಿಕವಾದ ಮೌಲ್ಯಗಳನ್ನು ಒಳಗೊಂಡಿದೆ ಎಂದು ಬರಹಗಾರ ತುರುವೇಕೆರೆ ಪ್ರಸಾದ್ ತಿಳಿಸಿದರು. ತಾಲ್ಲೂಕಿನ ಅತ್ತಿಕುಳೆಪಾಳ್ಯ ಗ್ರಾಮದ ಶ್ರೀ ಕರೆಕಲ್ಲಮ್ಮ ದೇವಾಲಯದಲ್ಲಿ 25ನೇ ವರ್ಷದ ಕಾರ್ತಿಕ ದೀಪೋತ್ಸವ ಅಂಗವಾಗಿ ನಡೆದ ಧಾರ್ಮಿಕ ಸಮಾರಂಭದಲ್ಲಿ ಮಾತನಾಡಿದರು. ಮನುಷ್ಯ ಮನುಷ್ಯನನ್ನು ಪ್ರೀತಿಸುವುದೇ ನಿಜವಾದ ಧರ್ಮ. ಮಾನವೀಯತೆ, ಕರುಣೆ, ಸತ್ಯ, ಅಹಿಂಸೆ ಇವೇ ಧರ್ಮದ ಮೂಲ ತತ್ವಗಳು. ಪ್ರತಿಯೊಬ್ಬರೂ ಇತರರಿಗೆ ಉಪಕಾರ ಮಾಡುವ ಮನೋಭಾವ ಬೆಳೆಸಿಕೊಳ್ಳಬೇಕು ಎಂದು ಹೇಳಿದರು. ಧಾರ್ಮಿಕ ಕಾರ್ಯಕ್ರಮಗಳು ಸಮಾಜದಲ್ಲಿ ಶಾಂತಿ, ಸೌಹಾರ್ದತೆ ಹಾಗೂ ಒಗ್ಗಟ್ಟನ್ನು ಮೂಡಿಸುತ್ತವೆ.

ಕೃಷ್ಣಮೂರ್ತಿ ಉಪನ್ಯಾಸ ನೀಡಿದರು. ಅತ್ತಿಕುಳೆಪಾಳ್ಯದ ಊರು ಬಾಗಿಲಿನಿಂದ ಗ್ರಾಮದೇವತೆಯ ಉತ್ಸವ ನಡೆಯಿತು. ಪ್ರತಿವರ್ಷದಂತೆ ಈ ವರ್ಷವೂ ಕಾರ್ತಿಕ ಮಾಸದ ದೀಪೋತ್ಸವ ಅದ್ದೂರಿಯಾಗಿ ನೆರವೇರಿತು. ಗ್ರಾಮಸ್ಥರು, ಭಕ್ತಾದಿಗಳು ಪಾಲ್ಗೊಂಡಿದ್ದರು. ದೇವಾಲಯ ಸಮಿತಿಯ ಅಧ್ಯಕ್ಷರು, ಪದಾಧಿಕಾರಿಗಳು ಹಾಗೂ ಗ್ರಾಮ ಪಂಚಾಯಿತಿ ಸದಸ್ಯರು ಉಪಸ್ಥಿತರಿದ್ದರು. ಸಾಂಸ್ಕೃತಿಕ ಕಾರ್ಯಕ್ರಮಗಳು ಹಾಗೂ ಅನ್ನಸಂತರ್ಪಣೆ ನಡೆಯಿತು. ಬಸವರಾಜು, ಕೃಷ್ಣಮೂರ್ತಿ, ನಂದೀಶ್ ಹಾಗೂ ಗ್ರಾಮದ ಹಿರಿಯರು ಸನ್ಮಾನಿತರಾದರು.

ನ 19 ರಂದು ಅಂತರ್ ದಳ ವಾರ್ಷಿಕ ಕ್ರೀಡಾ ಕೂಟ

ಸತ್ಯ ದರ್ಶಿನಿ ಸುದ್ದಿ : ತುಮಕೂರು : ಕರ್ನಾಟಕ ರಾಜ್ಯ ರಿಜರ್ವ್ ಪೊಲೀಸ್ 12ನೇ ಪಡೆ ತುಮಕೂರು ವತಿಯಿಂದ ನವೆಂಬರ್ 19 ಹಾಗೂ 20ರಂದು ಜಿಲ್ಲೆಯ ಹೊರವಲಯದಲ್ಲಿರುವ ತುಮಕೂರು ಪಡೆ ಮೈದಾನದಲ್ಲಿ "ಅಂತರ್‌ದಳ ವಾರ್ಷಿಕ ಕ್ರೀಡಾಕೂಟ–2025"ನ್ನು ಆಯೋಜಿಸಲಾಗಿದೆ.

ಕ್ರೀಡಾಕೂಟವನ್ನು ನವೆಂಬರ್ 19ರಂದು ಬೆಳಿಗ್ಗೆ 7 ಗಂಟೆಗೆ ಗೃಹ ಸಚಿವ ಡಾ. ಜಿ. ಪರಮೇಶ್ವರ ಅವರು ಉದ್ಘಾಟಿಸಲಿದ್ದಾರೆ. ನವೆಂಬರ್ 20ರಂದು ಸಂಜೆ 4 ಗಂಟೆಗೆ ಸಮಾರೋಪ ಸಮಾರಂಭ ನಡೆಯಲಿದೆ.

ಕೇಂದ್ರ ವಲಯ ಪೊಲೀಸ್ ಮಹಾ ನಿರೀಕ್ಷಕ ಲಾಭೂರಾಮ್, ಜಿಲ್ಲಾಧಿಕಾರಿ ಶುಭ ಕಲ್ಯಾಣ್, ಜಿಲ್ಲಾ ಪೊಲೀಸ್ ವರಿಷ್ಠಾಧಿಕಾರಿ ಅಶೋಕ್ ಕೆ.ವಿ. ಭಾಗವಹಿಸಲಿದ್ದಾರೆ ಎಂದು ಕರ್ನಾಟಕ ರಾಜ್ಯ ಮೀಸಲು ಪೊಲೀಸ್ 12ನೇ ಪಡೆ ಕಮಾಂಡೆಂಟ್ ಹಿದಾಯತ್ ಉಲ್ಲಾ ತಿಳಿಸಿದ್ದಾರೆ.

ವಿದ್ಯಾರ್ಥಿ ವೇತನ ಸೌಲಭ್ಯಕ್ಕಾಗಿ ಅರ್ಜಿ ಸಲ್ಲಿಸುವ ಅವಧಿ ವಿಸ್ತರಣೆ

ಸತ್ಯ ದರ್ಶಿನಿ ಸುದ್ದಿ : ತುಮಕೂರು : ಜಿಲ್ಲಾ ಹಿಂದುಳಿದ ವರ್ಗಗಳ ಕಲ್ಯಾಣ ಇಲಾಖೆಯ ಮೆಟ್ರಿಕ್ ನಂತರದ ಕೋರ್ಸ್‌ಗಳಲ್ಲಿ ವ್ಯಾಸಂಗ ಮಾಡುತ್ತಿರುವ ಹಿಂದುಳಿದ ವರ್ಗಗಳ ವಿದ್ಯಾರ್ಥಿಗಳು ಪ್ರವರ್ಗ-1, 2ಎ, 3ಎ, 3ಬಿ ವಿದ್ಯಾರ್ಥಿಗಳು ವಿದ್ಯಾರ್ಥಿ ವೇತನ, ಶುಲ್ಕ ವಿನಾಯಿತಿ ಸೌಲಭ್ಯ ಪಡೆಯಲು ಅರ್ಜಿ ಸಲ್ಲಿಸುವ ಅವಧಿಯನ್ನು ನವೆಂಬರ್ 25ರವರೆಗೆ ವಿಸ್ತರಿಸಲಾಗಿದೆ ಎಂದು ತುಮಕೂರು ಜಿಲ್ಲಾ ಹಿಂದುಳಿದ ವರ್ಗಗಳ ಕಲ್ಯಾಣಾಧಿಕಾರಿ ತಿಳಿಸಿದ್ದಾರೆ.

ಕಲ್ಯಾಣ ಇಲಾಖೆ ಉಪನಿರ್ದೇಶಕ ಅವರು ಪ್ರಕಟಣೆಯಲ್ಲಿ ತಿಳಿಸಿದ್ದಾರೆ. ಅರ್ಹ ವಿದ್ಯಾರ್ಥಿಗಳು ಜಾಲತಾಣ

https://ssp.postmatric.karnataka.gov.in

ಮೂಲಕ ನವೆಂಬರ್ 25ರೊಳಗಾಗಿ ಅರ್ಜಿ ಸಲ್ಲಿಸಬಹುದು.

ಕಾರ್ಯಕ್ರಮದ ವಿವರ, ಅರ್ಹತೆ, ಸಲ್ಲಿಸಬೇಕಾದ ದಾಖಲೆಗಳ ಮಾಹಿತಿಗಾಗಿ ಇಲಾಖಾ ವೆಬ್‌ಸೈಟ್

https://bcwd.karnataka.gov.in

ನೋಡಬಹುದು. ಹೆಚ್ಚಿನ ಮಾಹಿತಿಗಾಗಿ ಸಹಾಯವಾಣಿ ಸಂಖ್ಯೆ: 8050770005 ಅಥವಾ ಇ-ಮೇಲ್:

bcwdhelpline@gmail.com

ಅಥವಾ

Postmatrichelp@karnataka.gov.in

ಅಥವಾ ದೂರವಾಣಿ ಸಂಖ್ಯೆ: 1902ನ್ನು ಸಂಪರ್ಕಿಸಬಹುದಾಗಿದೆ.

ನ 21 ರಂದು ಉಪಲೋಕಾಯುಕ್ತರಿಂದ ವಿಚಾರಣೆ ಸಭೆ

ಸತ್ಯ ದರ್ಶಿನಿ ಸುದ್ದಿ : ತುಮಕೂರು : ಗೌರವಾನ್ವಿತ ಉಪಲೋಕಾಯುಕ್ತ ನ್ಯಾಯಮೂರ್ತಿ ಬಿ. ವೀರಪ್ಪ ಅವರು ನವೆಂಬರ್ 21ರಂದು ತುಮಕೂರು ಜಿಲ್ಲೆಗೆ ಭೇಟಿ ನೀಡಲಿದ್ದು, ಸಾರ್ವಜನಿಕ ಕುಂದುಕೊರತೆ ವಿಚಾರಣೆ ಸಭೆ ನಡೆಸಲಿದ್ದಾರೆ.

ಸಂಸ್ಥೆಯಲ್ಲಿ ದಾಖಲಾಗಿ ತನಿಖೆ ಬಾಕಿ ಇರುವ ಪ್ರಕರಣಗಳ ವಿಚಾರಣೆ ಸಭೆ ನಡೆಸಲಿದ್ದಾರೆ. ನಗರದ ಜಿಲ್ಲಾಧಿಕಾರಿ ಕಚೇರಿಯ ಸಭಾಂಗಣದಲ್ಲಿ ನವೆಂಬರ್ 21ರಂದು ಬೆಳಿಗ್ಗೆ 10 ಗಂಟೆಯಿಂದ ಸಭೆ ನಡೆಯಲಿದೆ.

ಹಾಜರಾಗಿ ತಮ್ಮ ಅಹವಾಲು ಸಲ್ಲಿಸಬಹುದಾಗಿದೆ. ಬಾಕಿ ಇರುವ ಪ್ರಕರಣಗಳ ದೂರುದಾರರು ಹಾಗೂ ಸಂಬಂಧಿತ ಅಧಿಕಾರಿಗಳು ಹಾಜರಾಗಬೇಕು ಎಂದು ಜಿಲ್ಲಾಧಿಕಾರಿ ಶುಭ ಕಲ್ಯಾಣ್ ಪ್ರಕಟಣೆಯಲ್ಲಿ ತಿಳಿಸಿದ್ದಾರೆ.

ತುಮಕೂರು ನಗರ ಕಚೇರಿ ವಿಳಾಸ : "ಸತ್ಯದರ್ಶಿನಿ" ಕನ್ನಡ ದಿನಪತ್ರಿಕೆ, ಕೆ.ಎಂ.ಎಂ ಕಾಂಪ್ಲೆಕ್ಸ್, ಮೈನ್ ಸರ್ಕಲ್ ಮುಂಭಾಗ, ಶಿರಾ ಗೇಟ್ ತುಮಕೂರು –1 ದೂರವಾಣಿ ಸಂಖ್ಯೆ : 0816–4014172
OWNED,EDITOR,PUBLISHED BY G.Karunakara,Published at Ganganahally,Rathnasandra(P)Shira(Tq)Tumkur Dist,Karnataka.Printed by Basavaraju, Sanjeetha Offset Printers.PandurangaNagara,2Cross,Tumkur,Karnataka. "Sathya Darshini" Kannada daily
CMYK	CMYK	CMYK	CMYK
